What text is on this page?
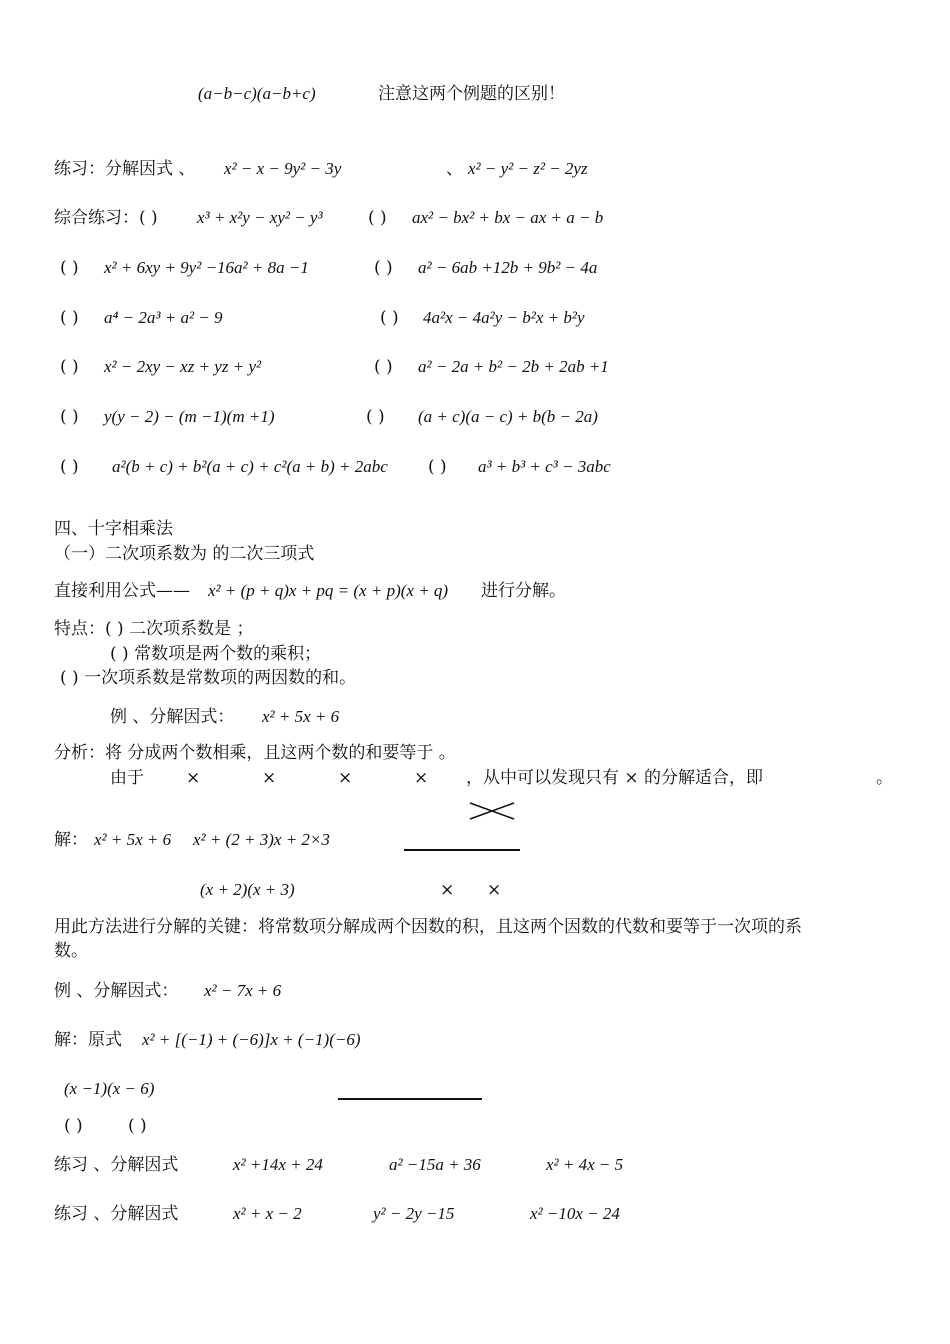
(a−b−c)(a−b+c)	注意这两个例题的区别！
练习：分解因式 、 x² − x − 9y² − 3y	、 x² − y² − z² − 2yz
综合练习：( ) x³ + x²y − xy² − y³	( ) ax² − bx² + bx − ax + a − b
( ) x² + 6xy + 9y² −16a² + 8a −1	( ) a² − 6ab +12b + 9b² − 4a
( ) a⁴ − 2a³ + a² − 9	( ) 4a²x − 4a²y − b²x + b²y
( ) x² − 2xy − xz + yz + y²	( ) a² − 2a + b² − 2b + 2ab +1
( ) y(y − 2) − (m −1)(m +1)	( ) (a + c)(a − c) + b(b − 2a)
( ) a²(b + c) + b²(a + c) + c²(a + b) + 2abc ( ) a³ + b³ + c³ − 3abc
四、十字相乘法
（一）二次项系数为 的二次三项式
直接利用公式—— x² + (p + q)x + pq = (x + p)(x + q) 进行分解。
特点：( ) 二次项系数是 ；
( ) 常数项是两个数的乘积；
( ) 一次项系数是常数项的两因数的和。
例 、分解因式： x² + 5x + 6
分析：将 分成两个数相乘，且这两个数的和要等于 。
由于 ×	×	×	× ，从中可以发现只有 × 的分解适合，即	。
解： x² + 5x + 6 x² + (2 + 3)x + 2×3
(x + 2)(x + 3)	× ×
用此方法进行分解的关键：将常数项分解成两个因数的积，且这两个因数的代数和要等于一次项的系
数。
例 、分解因式： x² − 7x + 6
解：原式 x² + [(−1) + (−6)]x + (−1)(−6)
(x −1)(x − 6)
( )	( )
练习 、分解因式	x² +14x + 24	a² −15a + 36	x² + 4x − 5
练习 、分解因式	x² + x − 2	y² − 2y −15	x² −10x − 24
